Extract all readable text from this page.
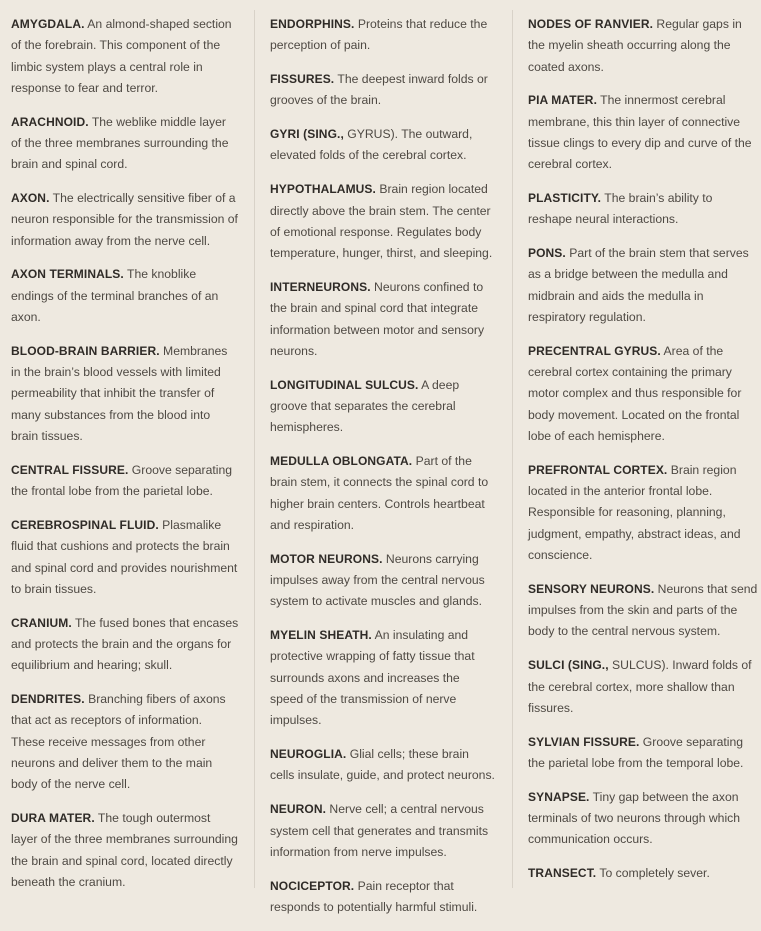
AMYGDALA. An almond-shaped section of the forebrain. This component of the limbic system plays a central role in response to fear and terror.
ARACHNOID. The weblike middle layer of the three membranes surrounding the brain and spinal cord.
AXON. The electrically sensitive fiber of a neuron responsible for the transmission of information away from the nerve cell.
AXON TERMINALS. The knoblike endings of the terminal branches of an axon.
BLOOD-BRAIN BARRIER. Membranes in the brain’s blood vessels with limited permeability that inhibit the transfer of many substances from the blood into brain tissues.
CENTRAL FISSURE. Groove separating the frontal lobe from the parietal lobe.
CEREBROSPINAL FLUID. Plasmalike fluid that cushions and protects the brain and spinal cord and provides nourishment to brain tissues.
CRANIUM. The fused bones that encases and protects the brain and the organs for equilibrium and hearing; skull.
DENDRITES. Branching fibers of axons that act as receptors of information. These receive messages from other neurons and deliver them to the main body of the nerve cell.
DURA MATER. The tough outermost layer of the three membranes surrounding the brain and spinal cord, located directly beneath the cranium.
ENDORPHINS. Proteins that reduce the perception of pain.
FISSURES. The deepest inward folds or grooves of the brain.
GYRI (SING., GYRUS). The outward, elevated folds of the cerebral cortex.
HYPOTHALAMUS. Brain region located directly above the brain stem. The center of emotional response. Regulates body temperature, hunger, thirst, and sleeping.
INTERNEURONS. Neurons confined to the brain and spinal cord that integrate information between motor and sensory neurons.
LONGITUDINAL SULCUS. A deep groove that separates the cerebral hemispheres.
MEDULLA OBLONGATA. Part of the brain stem, it connects the spinal cord to higher brain centers. Controls heartbeat and respiration.
MOTOR NEURONS. Neurons carrying impulses away from the central nervous system to activate muscles and glands.
MYELIN SHEATH. An insulating and protective wrapping of fatty tissue that surrounds axons and increases the speed of the transmission of nerve impulses.
NEUROGLIA. Glial cells; these brain cells insulate, guide, and protect neurons.
NEURON. Nerve cell; a central nervous system cell that generates and transmits information from nerve impulses.
NOCICEPTOR. Pain receptor that responds to potentially harmful stimuli.
NODES OF RANVIER. Regular gaps in the myelin sheath occurring along the coated axons.
PIA MATER. The innermost cerebral membrane, this thin layer of connective tissue clings to every dip and curve of the cerebral cortex.
PLASTICITY. The brain’s ability to reshape neural interactions.
PONS. Part of the brain stem that serves as a bridge between the medulla and midbrain and aids the medulla in respiratory regulation.
PRECENTRAL GYRUS. Area of the cerebral cortex containing the primary motor complex and thus responsible for body movement. Located on the frontal lobe of each hemisphere.
PREFRONTAL CORTEX. Brain region located in the anterior frontal lobe. Responsible for reasoning, planning, judgment, empathy, abstract ideas, and conscience.
SENSORY NEURONS. Neurons that send impulses from the skin and parts of the body to the central nervous system.
SULCI (SING., SULCUS). Inward folds of the cerebral cortex, more shallow than fissures.
SYLVIAN FISSURE. Groove separating the parietal lobe from the temporal lobe.
SYNAPSE. Tiny gap between the axon terminals of two neurons through which communication occurs.
TRANSECT. To completely sever.
